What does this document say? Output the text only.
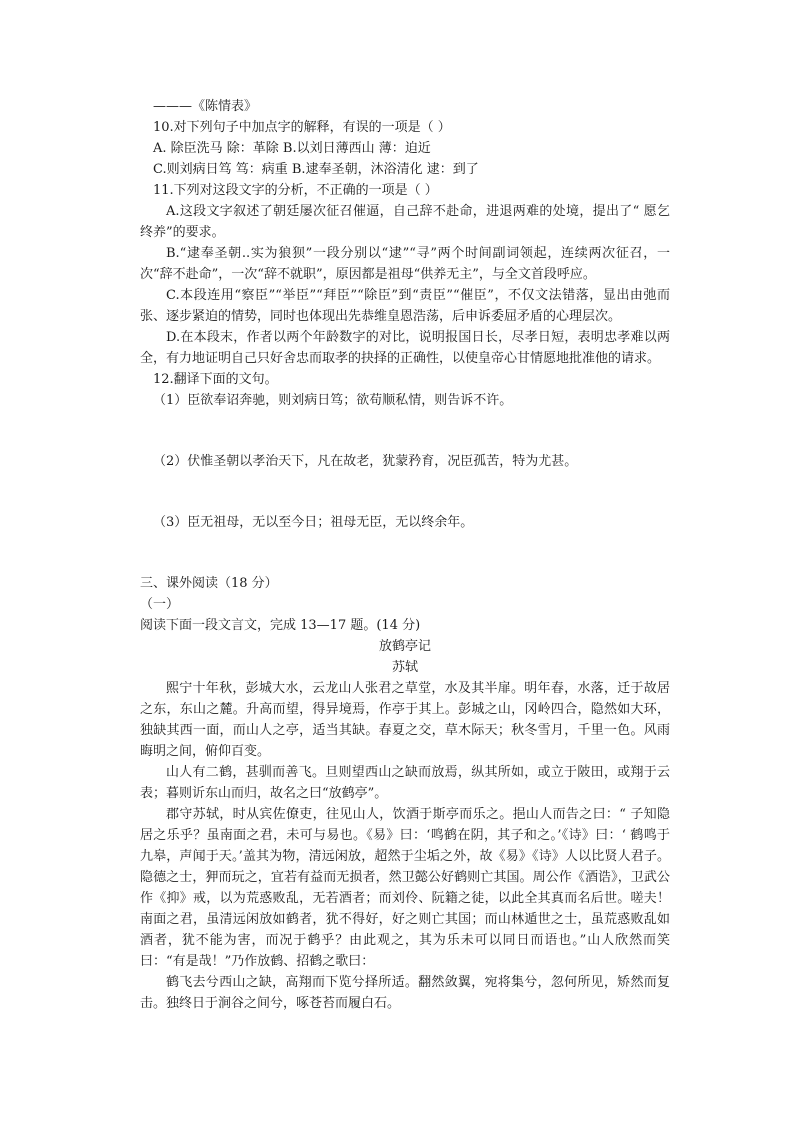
———《陈情表》

10.对下列句子中加点字的解释，有误的一项是（ ）

A. 除臣洗马 除：革除 B.以刘日薄西山 薄：迫近

C.则刘病日笃 笃：病重 B.逮奉圣朝，沐浴清化 逮：到了

11.下列对这段文字的分析，不正确的一项是（ ）

A.这段文字叙述了朝廷屡次征召催逼，自己辞不赴命，进退两难的处境，提出了“ 愿乞终养”的要求。

B.“逮奉圣朝..实为狼狈”一段分别以“逮”“寻”两个时间副词领起，连续两次征召，一次“辞不赴命”，一次“辞不就职”，原因都是祖母“供养无主”，与全文首段呼应。

C.本段连用“察臣”“举臣”“拜臣”“除臣”到“责臣”“催臣”，不仅文法错落，显出由弛而张、逐步紧迫的情势，同时也体现出先恭维皇恩浩荡，后申诉委屈矛盾的心理层次。

D.在本段末，作者以两个年龄数字的对比，说明报国日长，尽孝日短，表明忠孝难以两全，有力地证明自己只好舍忠而取孝的抉择的正确性，以使皇帝心甘情愿地批准他的请求。

12.翻译下面的文句。

（1）臣欲奉诏奔驰，则刘病日笃；欲苟顺私情，则告诉不许。

（2）伏惟圣朝以孝治天下，凡在故老，犹蒙矜育，况臣孤苦，特为尤甚。

（3）臣无祖母，无以至今日；祖母无臣，无以终余年。

三、课外阅读（18 分）

（一）

阅读下面一段文言文，完成 13—17 题。(14 分)

放鹤亭记

苏轼

熙宁十年秋，彭城大水，云龙山人张君之草堂，水及其半扉。明年春，水落，迁于故居之东，东山之麓。升高而望，得异境焉，作亭于其上。彭城之山，冈岭四合，隐然如大环，独缺其西一面，而山人之亭，适当其缺。春夏之交，草木际天；秋冬雪月，千里一色。风雨晦明之间，俯仰百变。

山人有二鹤，甚驯而善飞。旦则望西山之缺而放焉，纵其所如，或立于陂田，或翔于云表；暮则䜣东山而归，故名之曰“放鹤亭”。

郡守苏轼，时从宾佐僚吏，往见山人，饮酒于斯亭而乐之。挹山人而告之曰：“ 子知隐居之乐乎？虽南面之君，未可与易也。《易》曰：‘鸣鹤在阴，其子和之。’《诗》曰：‘ 鹤鸣于九皋，声闻于天。’盖其为物，清远闲放，超然于尘垢之外，故《易》《诗》人以比贤人君子。隐德之士，狎而玩之，宜若有益而无损者，然卫懿公好鹤则亡其国。周公作《酒诰》，卫武公作《抑》戒，以为荒惑败乱，无若酒者；而刘伶、阮籍之徒，以此全其真而名后世。嗟夫！南面之君，虽清远闲放如鹤者，犹不得好，好之则亡其国；而山林遁世之士，虽荒惑败乱如酒者，犹不能为害，而况于鹤乎？由此观之，其为乐未可以同日而语也。”山人欣然而笑曰：“有是哉！”乃作放鹤、招鹤之歌曰：

鹤飞去兮西山之缺，高翔而下览兮择所适。翻然敛翼，宛将集兮，忽何所见，矫然而复击。独终日于涧谷之间兮，啄苍苔而履白石。
